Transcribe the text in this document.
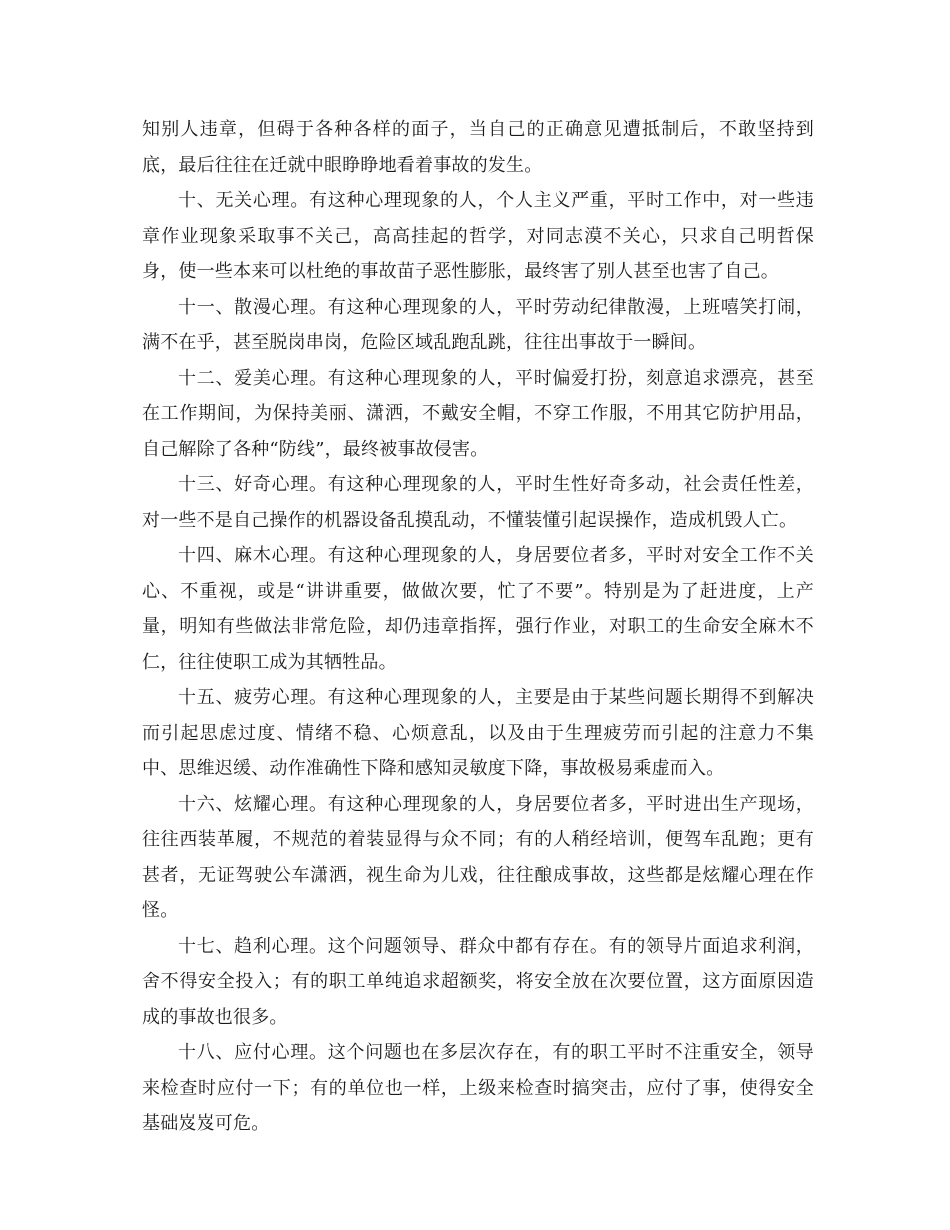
知别人违章，但碍于各种各样的面子，当自己的正确意见遭抵制后，不敢坚持到底，最后往往在迁就中眼睁睁地看着事故的发生。

十、无关心理。有这种心理现象的人，个人主义严重，平时工作中，对一些违章作业现象采取事不关己，高高挂起的哲学，对同志漠不关心，只求自己明哲保身，使一些本来可以杜绝的事故苗子恶性膨胀，最终害了别人甚至也害了自己。

十一、散漫心理。有这种心理现象的人，平时劳动纪律散漫，上班嘻笑打闹，满不在乎，甚至脱岗串岗，危险区域乱跑乱跳，往往出事故于一瞬间。

十二、爱美心理。有这种心理现象的人，平时偏爱打扮，刻意追求漂亮，甚至在工作期间，为保持美丽、潇洒，不戴安全帽，不穿工作服，不用其它防护用品，自己解除了各种“防线”，最终被事故侵害。

十三、好奇心理。有这种心理现象的人，平时生性好奇多动，社会责任性差，对一些不是自己操作的机器设备乱摸乱动，不懂装懂引起误操作，造成机毁人亡。

十四、麻木心理。有这种心理现象的人，身居要位者多，平时对安全工作不关心、不重视，或是“讲讲重要，做做次要，忙了不要”。特别是为了赶进度，上产量，明知有些做法非常危险，却仍违章指挥，强行作业，对职工的生命安全麻木不仁，往往使职工成为其牺牲品。

十五、疲劳心理。有这种心理现象的人，主要是由于某些问题长期得不到解决而引起思虑过度、情绪不稳、心烦意乱，以及由于生理疲劳而引起的注意力不集中、思维迟缓、动作准确性下降和感知灵敏度下降，事故极易乘虚而入。

十六、炫耀心理。有这种心理现象的人，身居要位者多，平时进出生产现场，往往西装革履，不规范的着装显得与众不同；有的人稍经培训，便驾车乱跑；更有甚者，无证驾驶公车潇洒，视生命为儿戏，往往酿成事故，这些都是炫耀心理在作怪。

十七、趋利心理。这个问题领导、群众中都有存在。有的领导片面追求利润，舍不得安全投入；有的职工单纯追求超额奖，将安全放在次要位置，这方面原因造成的事故也很多。

十八、应付心理。这个问题也在多层次存在，有的职工平时不注重安全，领导来检查时应付一下；有的单位也一样，上级来检查时搞突击，应付了事，使得安全基础岌岌可危。
